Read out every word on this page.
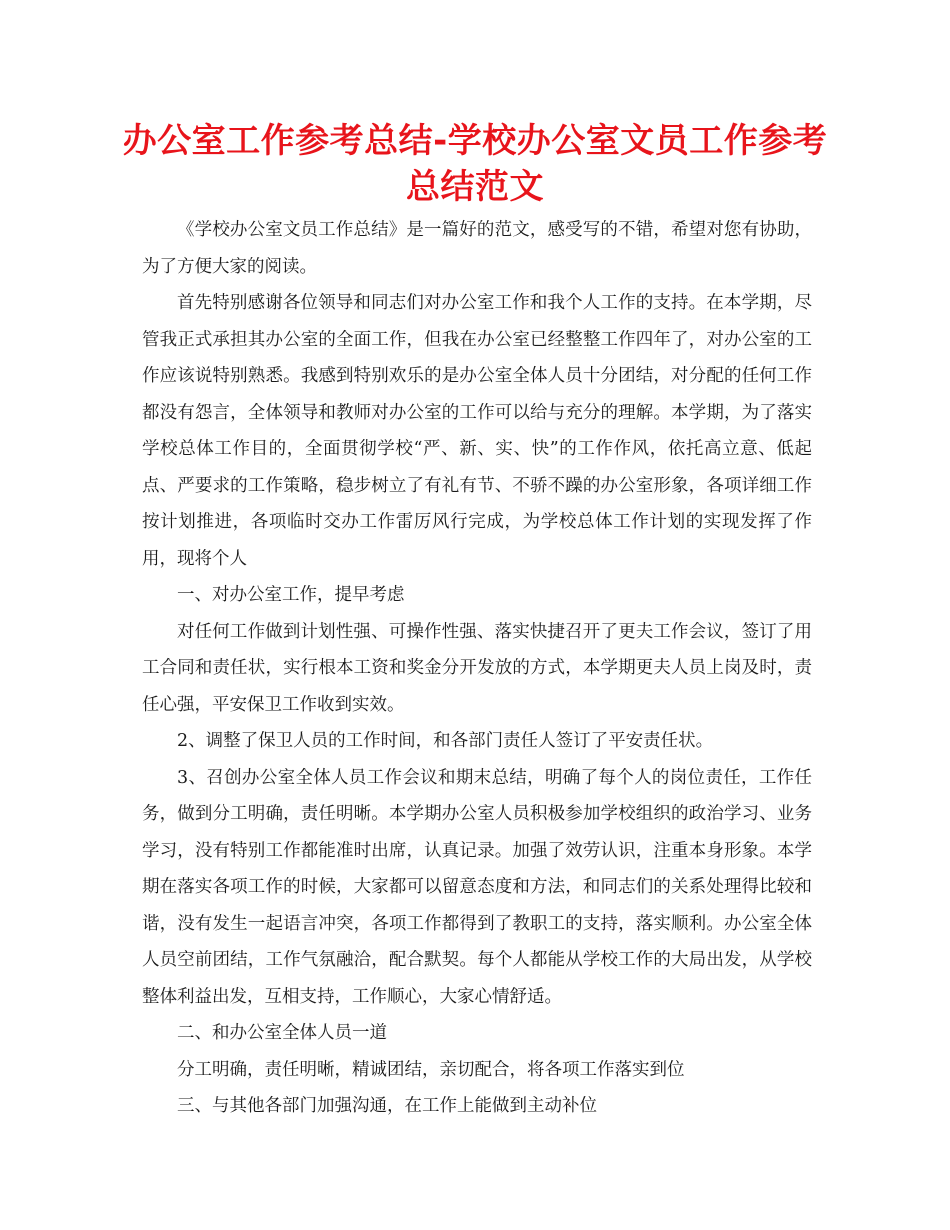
办公室工作参考总结-学校办公室文员工作参考总结范文

《学校办公室文员工作总结》是一篇好的范文，感受写的不错，希望对您有协助，为了方便大家的阅读。

首先特别感谢各位领导和同志们对办公室工作和我个人工作的支持。在本学期，尽管我正式承担其办公室的全面工作，但我在办公室已经整整工作四年了，对办公室的工作应该说特别熟悉。我感到特别欢乐的是办公室全体人员十分团结，对分配的任何工作都没有怨言，全体领导和教师对办公室的工作可以给与充分的理解。本学期，为了落实学校总体工作目的，全面贯彻学校“严、新、实、快”的工作作风，依托高立意、低起点、严要求的工作策略，稳步树立了有礼有节、不骄不躁的办公室形象，各项详细工作按计划推进，各项临时交办工作雷厉风行完成，为学校总体工作计划的实现发挥了作用，现将个人

一、对办公室工作，提早考虑

对任何工作做到计划性强、可操作性强、落实快捷召开了更夫工作会议，签订了用工合同和责任状，实行根本工资和奖金分开发放的方式，本学期更夫人员上岗及时，责任心强，平安保卫工作收到实效。

2、调整了保卫人员的工作时间，和各部门责任人签订了平安责任状。

3、召创办公室全体人员工作会议和期末总结，明确了每个人的岗位责任，工作任务，做到分工明确，责任明晰。本学期办公室人员积极参加学校组织的政治学习、业务学习，没有特别工作都能准时出席，认真记录。加强了效劳认识，注重本身形象。本学期在落实各项工作的时候，大家都可以留意态度和方法，和同志们的关系处理得比较和谐，没有发生一起语言冲突，各项工作都得到了教职工的支持，落实顺利。办公室全体人员空前团结，工作气氛融洽，配合默契。每个人都能从学校工作的大局出发，从学校整体利益出发，互相支持，工作顺心，大家心情舒适。

二、和办公室全体人员一道

分工明确，责任明晰，精诚团结，亲切配合，将各项工作落实到位

三、与其他各部门加强沟通，在工作上能做到主动补位
